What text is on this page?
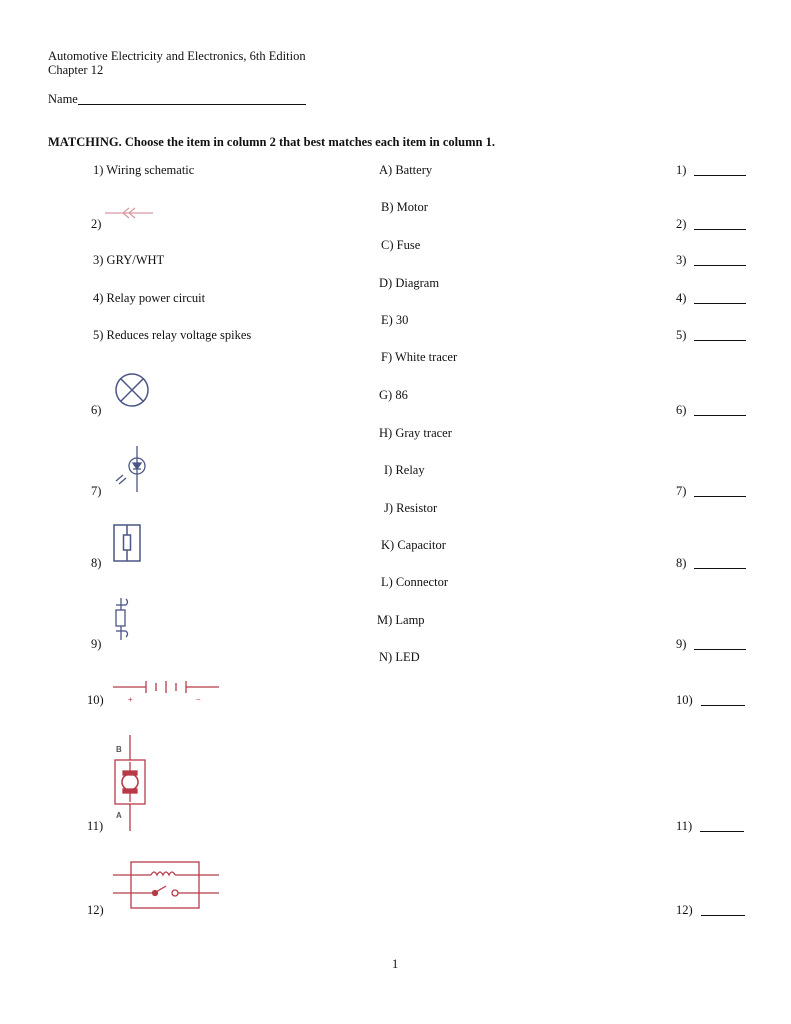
Automotive Electricity and Electronics, 6th Edition
Chapter 12
Name
MATCHING. Choose the item in column 2 that best matches each item in column 1.
1) Wiring schematic
2)
3) GRY/WHT
4) Relay power circuit
5) Reduces relay voltage spikes
6)
7)
8)
9)
10)
11)
12)
+	−
B
A
A) Battery
B) Motor
C) Fuse
D) Diagram
E) 30
F) White tracer
G) 86
H) Gray tracer
I) Relay
J) Resistor
K) Capacitor
L) Connector
M) Lamp
N) LED
1)
2)
3)
4)
5)
6)
7)
8)
9)
10)
11)
12)
1
